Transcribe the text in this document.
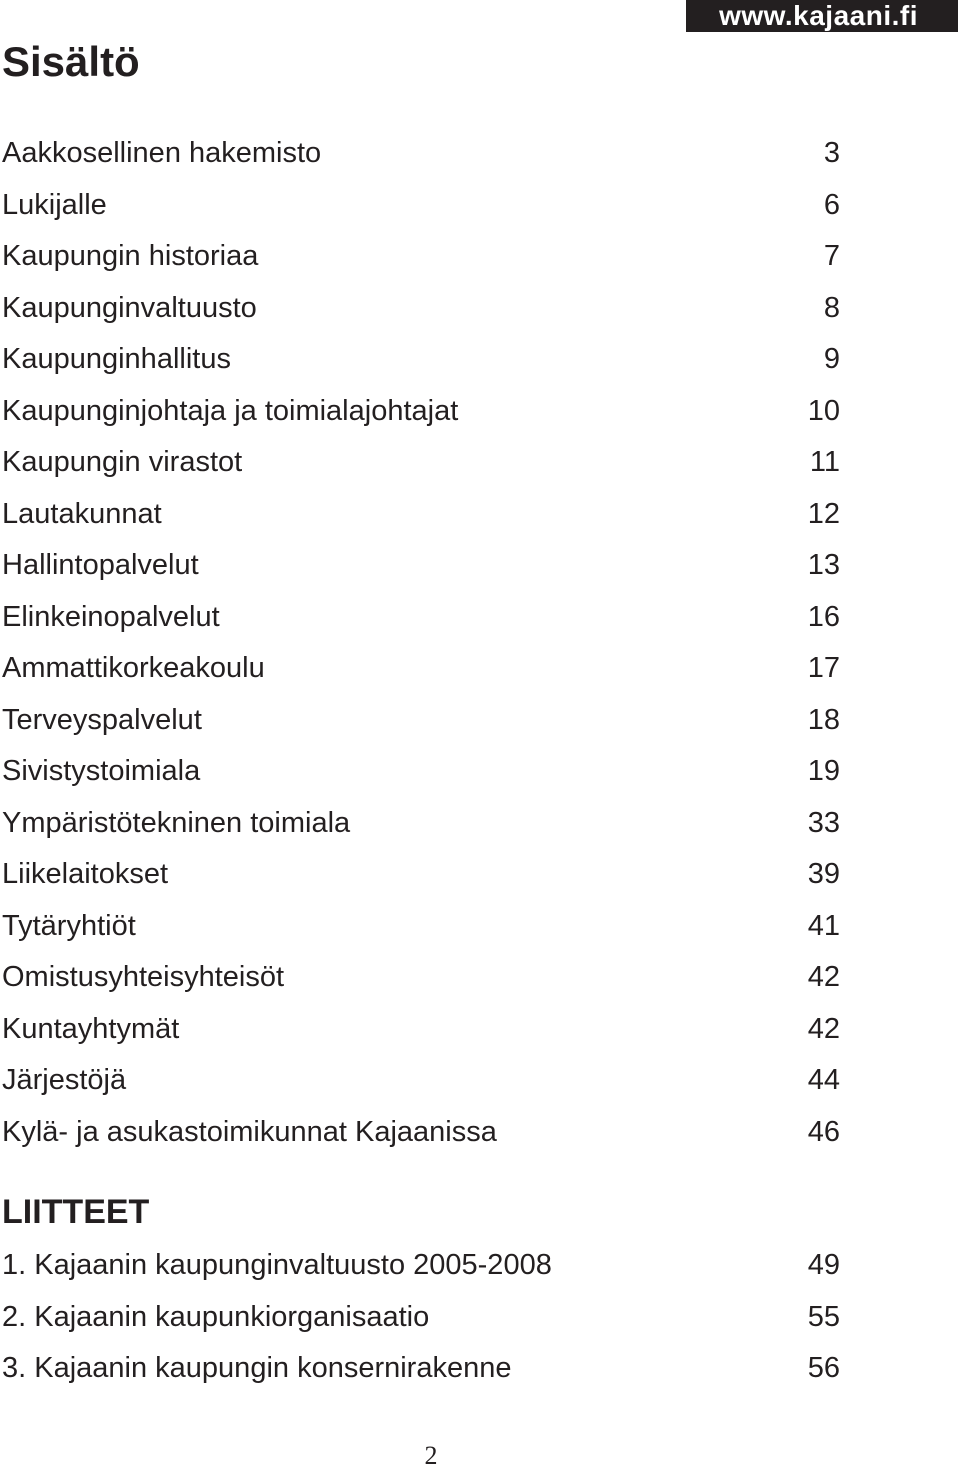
www.kajaani.fi
Sisältö
Aakkosellinen hakemisto	3
Lukijalle	6
Kaupungin historiaa	7
Kaupunginvaltuusto	8
Kaupunginhallitus	9
Kaupunginjohtaja ja toimialajohtajat	10
Kaupungin virastot	11
Lautakunnat	12
Hallintopalvelut	13
Elinkeinopalvelut	16
Ammattikorkeakoulu	17
Terveyspalvelut	18
Sivistystoimiala	19
Ympäristötekninen toimiala	33
Liikelaitokset	39
Tytäryhtiöt	41
Omistusyhteisyhteisöt	42
Kuntayhtymät	42
Järjestöjä	44
Kylä- ja asukastoimikunnat Kajaanissa	46
LIITTEET
1. Kajaanin kaupunginvaltuusto 2005-2008	49
2. Kajaanin kaupunkiorganisaatio	55
3. Kajaanin kaupungin konsernirakenne	56
2
